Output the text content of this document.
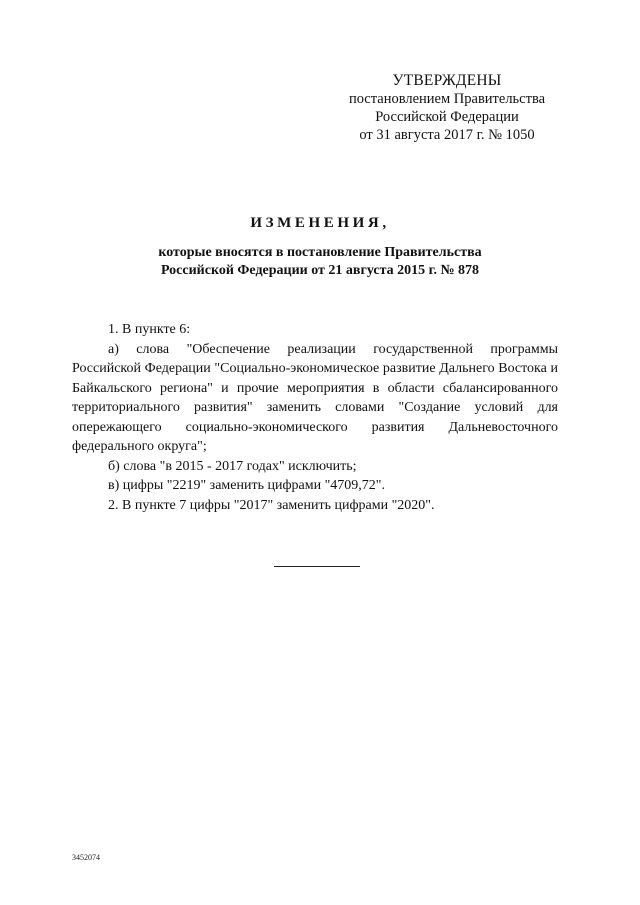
УТВЕРЖДЕНЫ
постановлением Правительства
Российской Федерации
от 31 августа 2017 г. № 1050
ИЗМЕНЕНИЯ,
которые вносятся в постановление Правительства
Российской Федерации от 21 августа 2015 г. № 878

1. В пункте 6:

а) слова "Обеспечение реализации государственной программы Российской Федерации "Социально-экономическое развитие Дальнего Востока и Байкальского региона" и прочие мероприятия в области сбалансированного территориального развития" заменить словами "Создание условий для опережающего социально-экономического развития Дальневосточного федерального округа";

б) слова "в 2015 - 2017 годах" исключить;

в) цифры "2219" заменить цифрами "4709,72".

2. В пункте 7 цифры "2017" заменить цифрами "2020".

3452074
